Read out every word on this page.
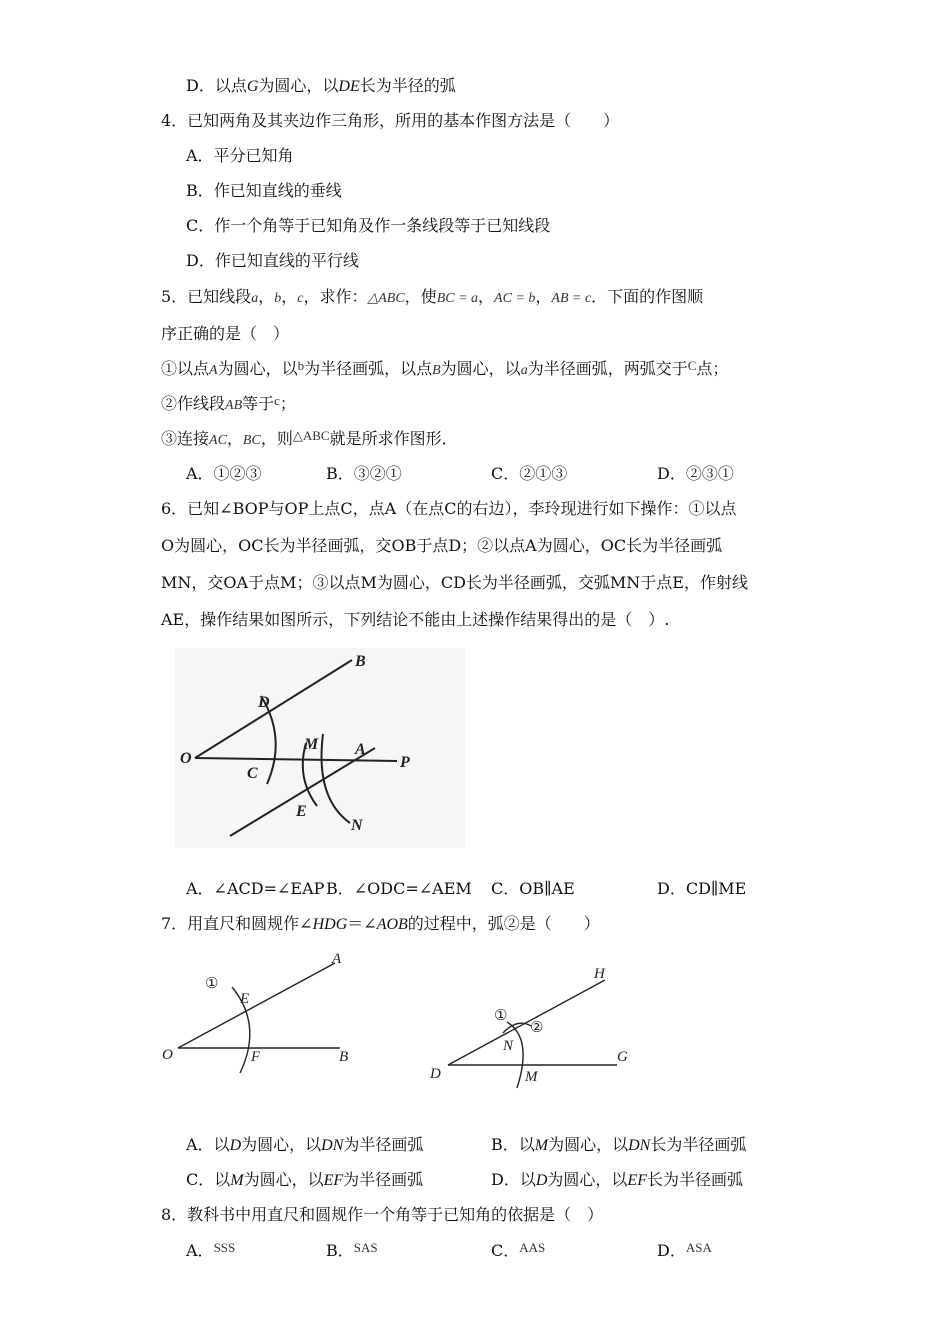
D．以点G为圆心，以DE长为半径的弧
4．已知两角及其夹边作三角形，所用的基本作图方法是（　　）
A．平分已知角
B．作已知直线的垂线
C．作一个角等于已知角及作一条线段等于已知线段
D．作已知直线的平行线
5．已知线段a，b，c，求作：△ABC，使BC = a，AC = b，AB = c．下面的作图顺
序正确的是（　）
①以点A为圆心，以$^b$为半径画弧，以点B为圆心，以a为半径画弧，两弧交于$^C$点；
②作线段AB等于$^c$；
③连接AC，BC，则$^{\triangle ABC}$就是所求作图形．
A．①②③	B．③②①	C．②①③	D．②③①
6．已知∠BOP与OP上点C，点A（在点C的右边），李玲现进行如下操作：①以点
O为圆心，OC长为半径画弧，交OB于点D；②以点A为圆心，OC长为半径画弧
MN，交OA于点M；③以点M为圆心，CD长为半径画弧，交弧MN于点E，作射线
AE，操作结果如图所示，下列结论不能由上述操作结果得出的是（　）.
B
D
O
C
M A
P
E
N
A．∠ACD=∠EAP B．∠ODC=∠AEM C．OB∥AE	D．CD∥ME
7．用直尺和圆规作∠HDG＝∠AOB的过程中，弧②是（　　）
①
A
E
O	F	B
H
①
②
N
D	M
G
A．以D为圆心，以DN为半径画弧	B．以M为圆心，以DN长为半径画弧
C．以M为圆心，以EF为半径画弧	D．以D为圆心，以EF长为半径画弧
8．教科书中用直尺和圆规作一个角等于已知角的依据是（　）
A．$^{SSS}$	B．$^{SAS}$	C．$^{AAS}$	D．$^{ASA}$
